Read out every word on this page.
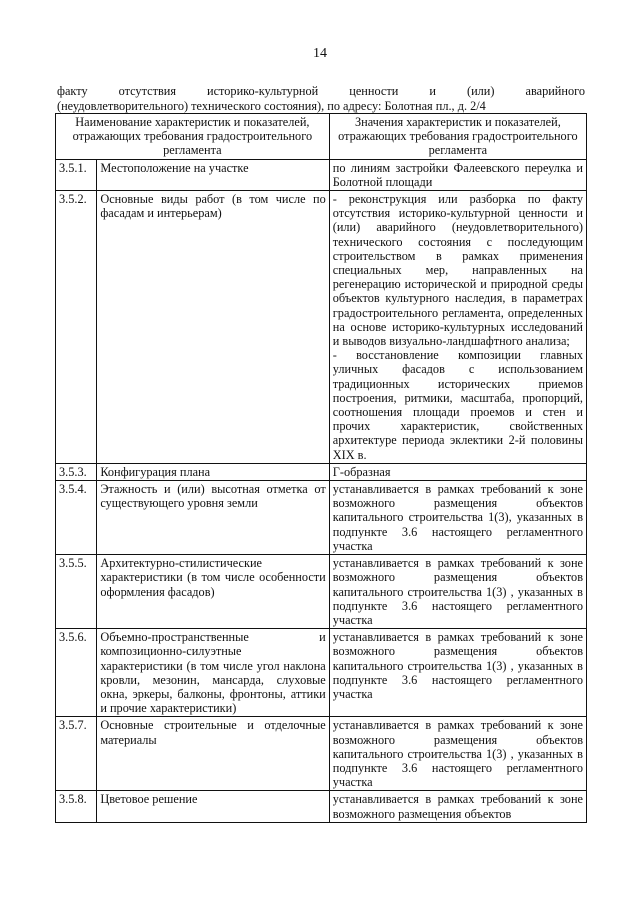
14

факту отсутствия историко-культурной ценности и (или) аварийного

(неудовлетворительного) технического состояния), по адресу: Болотная пл., д. 2/4

Наименование характеристик и показателей, отражающих требования градостроительного регламента		Значения характеристик и показателей, отражающих требования градостроительного регламента
3.5.1.	Местоположение на участке	по линиям застройки Фалеевского переулка и Болотной площади

3.5.2.	Основные виды работ (в том числе по фасадам и интерьерам)	- реконструкция или разборка по факту отсутствия историко-культурной ценности и (или) аварийного (неудовлетворительного) технического состояния с последующим строительством в рамках применения специальных мер, направленных на регенерацию исторической и природной среды объектов культурного наследия, в параметрах градостроительного регламента, определенных на основе историко-культурных исследований и выводов визуально-ландшафтного анализа;

- восстановление композиции главных уличных фасадов с использованием традиционных исторических приемов построения, ритмики, масштаба, пропорций, соотношения площади проемов и стен и прочих характеристик, свойственных архитектуре периода эклектики 2-й половины XIX в.

3.5.3.	Конфигурация плана	Г-образная

3.5.4.	Этажность и (или) высотная отметка от существующего уровня земли	устанавливается в рамках требований к зоне возможного размещения объектов капитального строительства 1(3), указанных в подпункте 3.6 настоящего регламентного участка

3.5.5.	Архитектурно-стилистические характеристики (в том числе особенности оформления фасадов)	устанавливается в рамках требований к зоне возможного размещения объектов капитального строительства 1(3) , указанных в подпункте 3.6 настоящего регламентного участка

3.5.6.	Объемно-пространственные и композиционно-силуэтные характеристики (в том числе угол наклона кровли, мезонин, мансарда, слуховые окна, эркеры, балконы, фронтоны, аттики и прочие характеристики)	устанавливается в рамках требований к зоне возможного размещения объектов капитального строительства 1(3) , указанных в подпункте 3.6 настоящего регламентного участка

3.5.7.	Основные строительные и отделочные материалы	устанавливается в рамках требований к зоне возможного размещения объектов капитального строительства 1(3) , указанных в подпункте 3.6 настоящего регламентного участка

3.5.8.	Цветовое решение	устанавливается в рамках требований к зоне возможного размещения объектов
